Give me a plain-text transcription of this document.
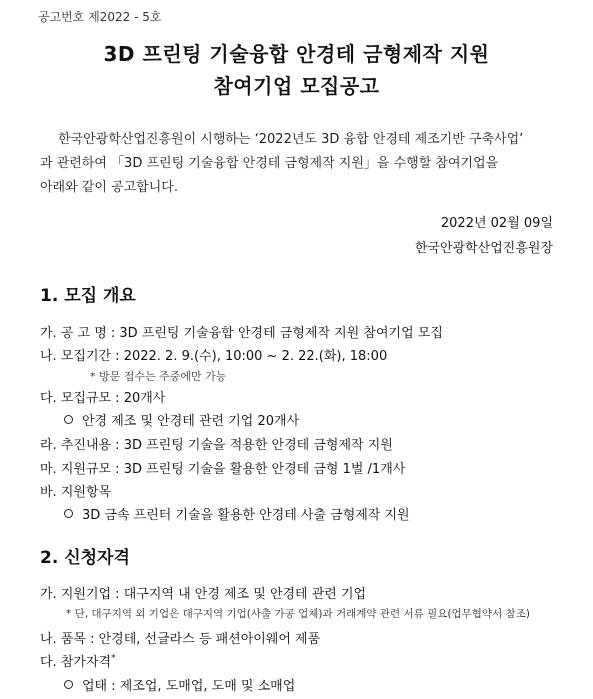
공고번호 제2022 - 5호
3D 프린팅 기술융합 안경테 금형제작 지원
참여기업 모집공고
한국안광학산업진흥원이 시행하는 ‘2022년도 3D 융합 안경테 제조기반 구축사업’
과 관련하여 「3D 프린팅 기술융합 안경테 금형제작 지원」을 수행할 참여기업을
아래와 같이 공고합니다.
2022년 02월 09일
한국안광학산업진흥원장
1. 모집 개요
가. 공 고 명 : 3D 프린팅 기술융합 안경테 금형제작 지원 참여기업 모집
나. 모집기간 : 2022. 2. 9.(수), 10:00 ~ 2. 22.(화), 18:00
* 방문 접수는 주중에만 가능
다. 모집규모 : 20개사
안경 제조 및 안경테 관련 기업 20개사
라. 추진내용 : 3D 프린팅 기술을 적용한 안경테 금형제작 지원
마. 지원규모 : 3D 프린팅 기술을 활용한 안경테 금형 1벌 /1개사
바. 지원항목
3D 금속 프린터 기술을 활용한 안경테 사출 금형제작 지원
2. 신청자격
가. 지원기업 : 대구지역 내 안경 제조 및 안경테 관련 기업
* 단, 대구지역 외 기업은 대구지역 기업(사출 가공 업체)과 거래계약 관련 서류 필요(업무협약서 참조)
나. 품목 : 안경테, 선글라스 등 패션아이웨어 제품
다. 참가자격*
업태 : 제조업, 도매업, 도매 및 소매업
